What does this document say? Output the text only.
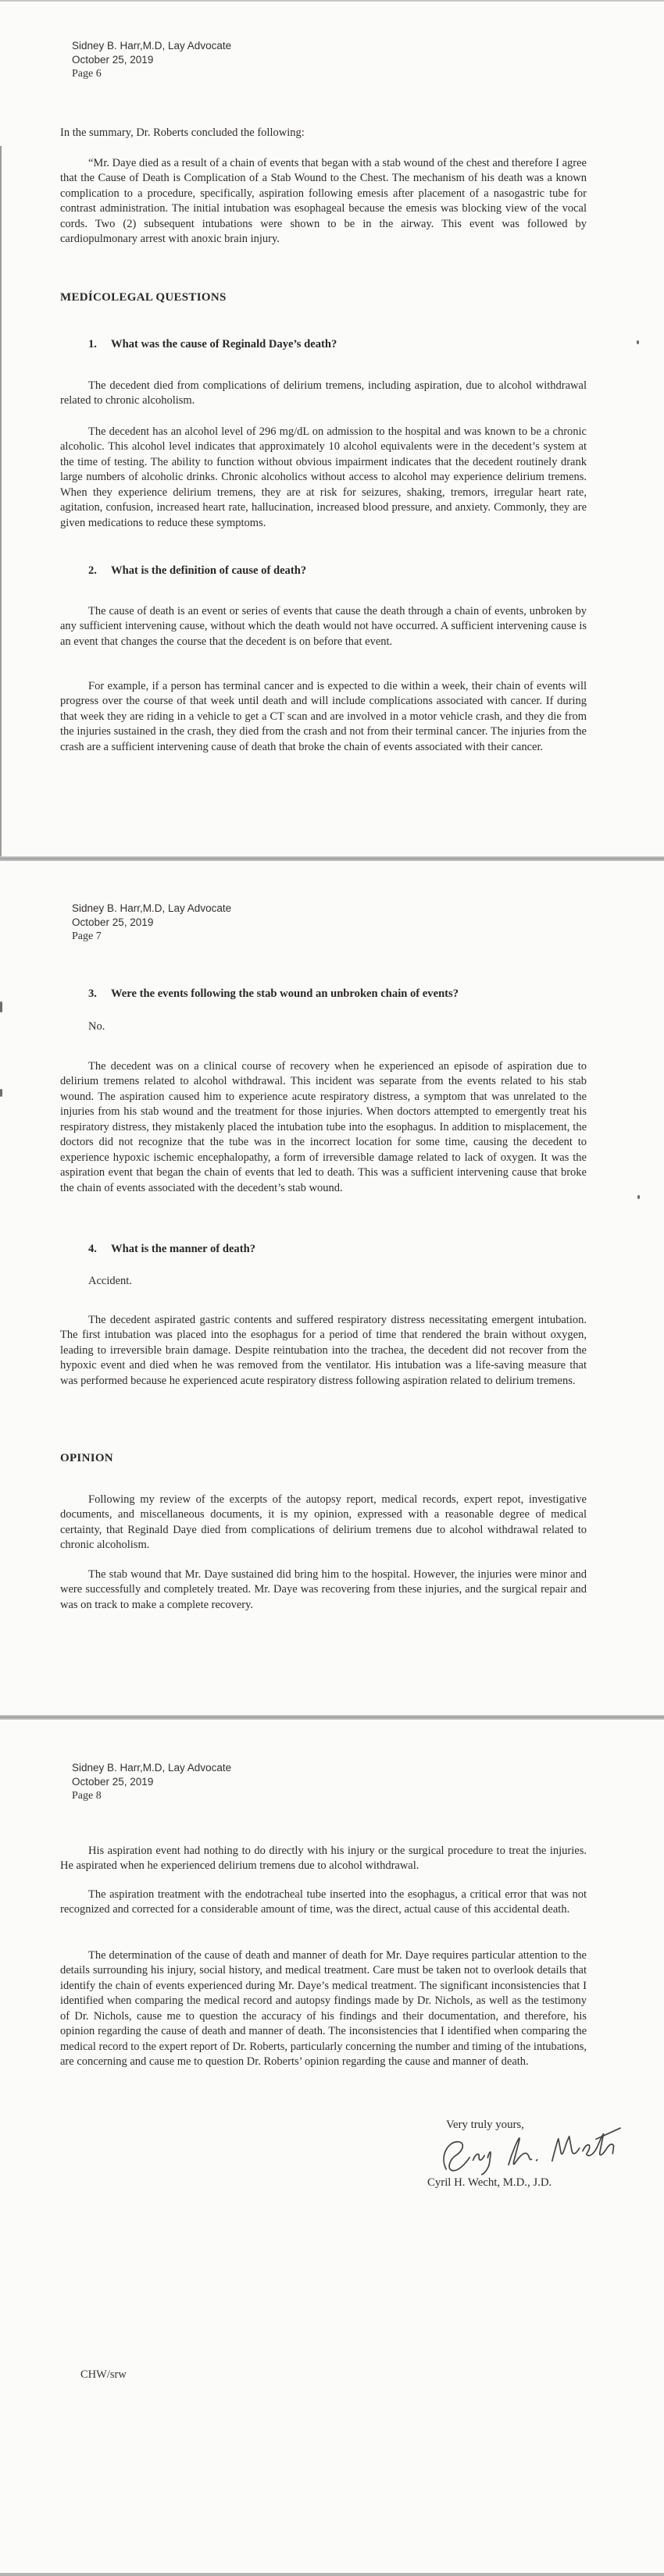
Sidney B. Harr,M.D, Lay Advocate
October 25, 2019
Page 6

In the summary, Dr. Roberts concluded the following:

“Mr. Daye died as a result of a chain of events that began with a stab wound of the chest and therefore I agree that the Cause of Death is Complication of a Stab Wound to the Chest. The mechanism of his death was a known complication to a procedure, specifically, aspiration following emesis after placement of a nasogastric tube for contrast administration. The initial intubation was esophageal because the emesis was blocking view of the vocal cords. Two (2) subsequent intubations were shown to be in the airway. This event was followed by cardiopulmonary arrest with anoxic brain injury.

MEDÍCOLEGAL QUESTIONS
1.	What was the cause of Reginald Daye’s death?

The decedent died from complications of delirium tremens, including aspiration, due to alcohol withdrawal related to chronic alcoholism.

The decedent has an alcohol level of 296 mg/dL on admission to the hospital and was known to be a chronic alcoholic. This alcohol level indicates that approximately 10 alcohol equivalents were in the decedent’s system at the time of testing. The ability to function without obvious impairment indicates that the decedent routinely drank large numbers of alcoholic drinks. Chronic alcoholics without access to alcohol may experience delirium tremens. When they experience delirium tremens, they are at risk for seizures, shaking, tremors, irregular heart rate, agitation, confusion, increased heart rate, hallucination, increased blood pressure, and anxiety. Commonly, they are given medications to reduce these symptoms.

2.	What is the definition of cause of death?

The cause of death is an event or series of events that cause the death through a chain of events, unbroken by any sufficient intervening cause, without which the death would not have occurred. A sufficient intervening cause is an event that changes the course that the decedent is on before that event.

For example, if a person has terminal cancer and is expected to die within a week, their chain of events will progress over the course of that week until death and will include complications associated with cancer. If during that week they are riding in a vehicle to get a CT scan and are involved in a motor vehicle crash, and they die from the injuries sustained in the crash, they died from the crash and not from their terminal cancer. The injuries from the crash are a sufficient intervening cause of death that broke the chain of events associated with their cancer.

Sidney B. Harr,M.D, Lay Advocate
October 25, 2019
Page 7
3.	Were the events following the stab wound an unbroken chain of events?
No.

The decedent was on a clinical course of recovery when he experienced an episode of aspiration due to delirium tremens related to alcohol withdrawal. This incident was separate from the events related to his stab wound. The aspiration caused him to experience acute respiratory distress, a symptom that was unrelated to the injuries from his stab wound and the treatment for those injuries. When doctors attempted to emergently treat his respiratory distress, they mistakenly placed the intubation tube into the esophagus. In addition to misplacement, the doctors did not recognize that the tube was in the incorrect location for some time, causing the decedent to experience hypoxic ischemic encephalopathy, a form of irreversible damage related to lack of oxygen. It was the aspiration event that began the chain of events that led to death. This was a sufficient intervening cause that broke the chain of events associated with the decedent’s stab wound.

4.	What is the manner of death?
Accident.

The decedent aspirated gastric contents and suffered respiratory distress necessitating emergent intubation. The first intubation was placed into the esophagus for a period of time that rendered the brain without oxygen, leading to irreversible brain damage. Despite reintubation into the trachea, the decedent did not recover from the hypoxic event and died when he was removed from the ventilator. His intubation was a life-saving measure that was performed because he experienced acute respiratory distress following aspiration related to delirium tremens.

OPINION

Following my review of the excerpts of the autopsy report, medical records, expert repot, investigative documents, and miscellaneous documents, it is my opinion, expressed with a reasonable degree of medical certainty, that Reginald Daye died from complications of delirium tremens due to alcohol withdrawal related to chronic alcoholism.

The stab wound that Mr. Daye sustained did bring him to the hospital. However, the injuries were minor and were successfully and completely treated. Mr. Daye was recovering from these injuries, and the surgical repair and was on track to make a complete recovery.

Sidney B. Harr,M.D, Lay Advocate
October 25, 2019
Page 8

His aspiration event had nothing to do directly with his injury or the surgical procedure to treat the injuries. He aspirated when he experienced delirium tremens due to alcohol withdrawal.

The aspiration treatment with the endotracheal tube inserted into the esophagus, a critical error that was not recognized and corrected for a considerable amount of time, was the direct, actual cause of this accidental death.

The determination of the cause of death and manner of death for Mr. Daye requires particular attention to the details surrounding his injury, social history, and medical treatment. Care must be taken not to overlook details that identify the chain of events experienced during Mr. Daye’s medical treatment. The significant inconsistencies that I identified when comparing the medical record and autopsy findings made by Dr. Nichols, as well as the testimony of Dr. Nichols, cause me to question the accuracy of his findings and their documentation, and therefore, his opinion regarding the cause of death and manner of death. The inconsistencies that I identified when comparing the medical record to the expert report of Dr. Roberts, particularly concerning the number and timing of the intubations, are concerning and cause me to question Dr. Roberts’ opinion regarding the cause and manner of death.

Very truly yours,
Cyril H. Wecht, M.D., J.D.
CHW/srw
